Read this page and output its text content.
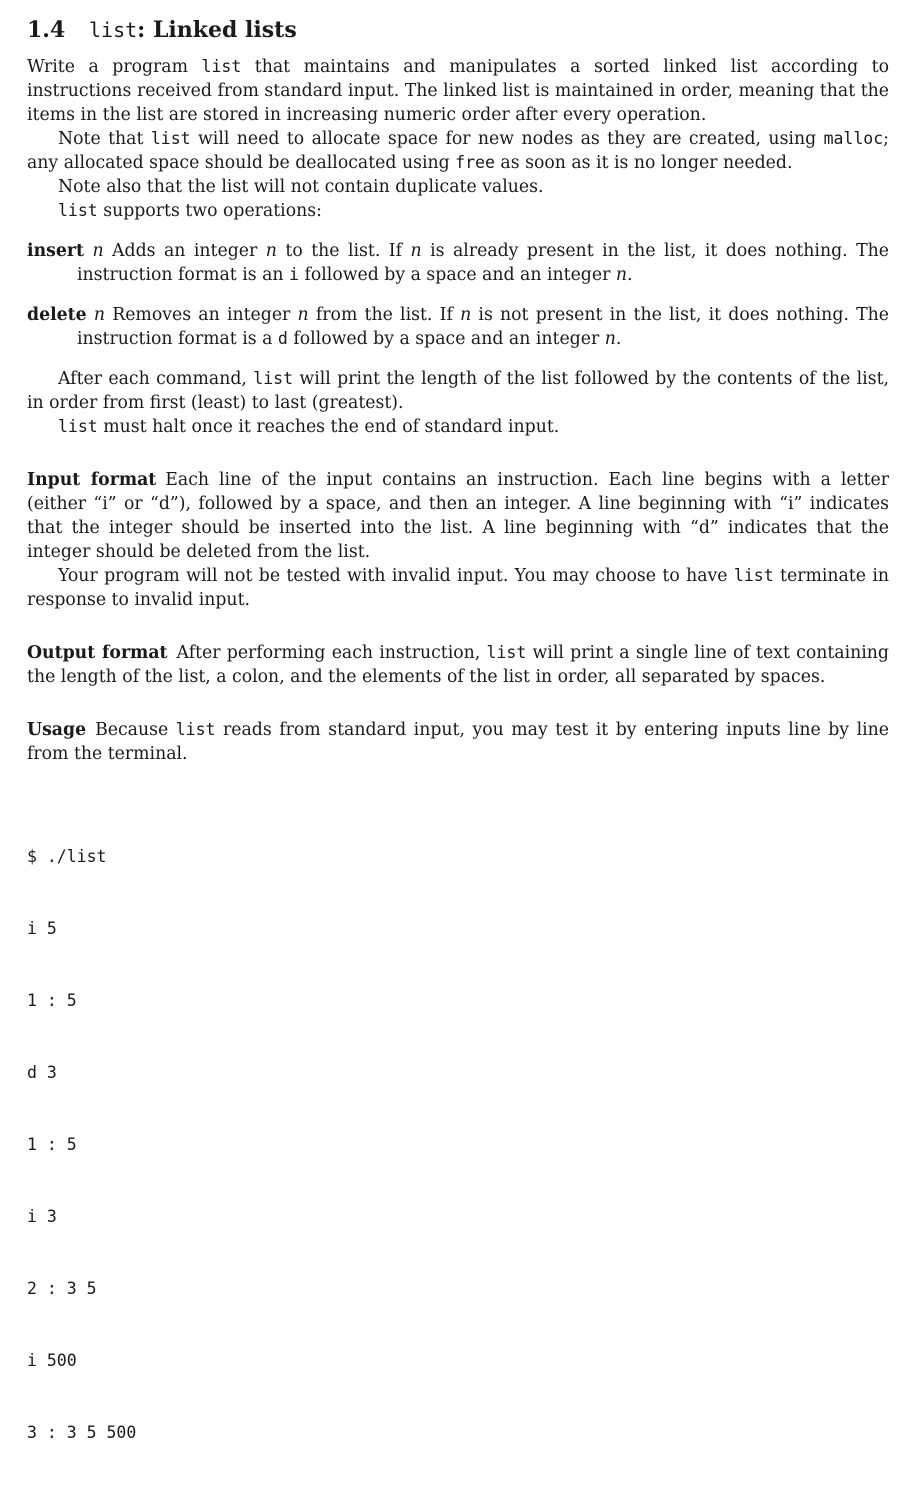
1.4 list: Linked lists

Write a program list that maintains and manipulates a sorted linked list according to instructions received from standard input. The linked list is maintained in order, meaning that the items in the list are stored in increasing numeric order after every operation.

Note that list will need to allocate space for new nodes as they are created, using malloc; any allocated space should be deallocated using free as soon as it is no longer needed.

Note also that the list will not contain duplicate values.

list supports two operations:

insert n Adds an integer n to the list. If n is already present in the list, it does nothing. The instruction format is an i followed by a space and an integer n.
delete n Removes an integer n from the list. If n is not present in the list, it does nothing. The instruction format is a d followed by a space and an integer n.

After each command, list will print the length of the list followed by the contents of the list, in order from first (least) to last (greatest).

list must halt once it reaches the end of standard input.

Input format Each line of the input contains an instruction. Each line begins with a letter (either “i” or “d”), followed by a space, and then an integer. A line beginning with “i” indicates that the integer should be inserted into the list. A line beginning with “d” indicates that the integer should be deleted from the list.

Your program will not be tested with invalid input. You may choose to have list terminate in response to invalid input.

Output format After performing each instruction, list will print a single line of text containing the length of the list, a colon, and the elements of the list in order, all separated by spaces.

Usage Because list reads from standard input, you may test it by entering inputs line by line from the terminal.

$ ./list

i 5

1 : 5

d 3

1 : 5

i 3

2 : 3 5

i 500

3 : 3 5 500
